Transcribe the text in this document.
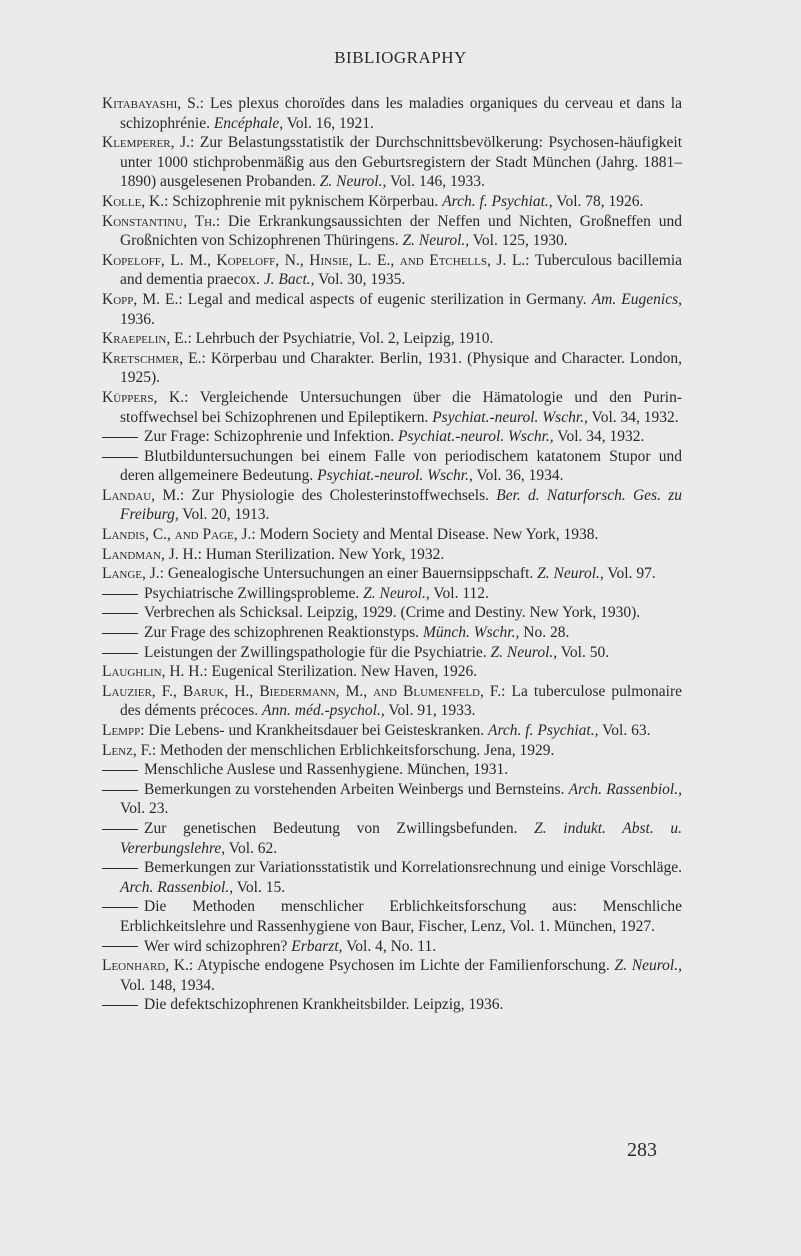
BIBLIOGRAPHY
Kitabayashi, S.: Les plexus choroïdes dans les maladies organiques du cerveau et dans la schizophrénie. Encéphale, Vol. 16, 1921.
Klemperer, J.: Zur Belastungsstatistik der Durchschnittsbevölkerung: Psychosen-häufigkeit unter 1000 stichprobenmäßig aus den Geburtsregistern der Stadt München (Jahrg. 1881–1890) ausgelesenen Probanden. Z. Neurol., Vol. 146, 1933.
Kolle, K.: Schizophrenie mit pyknischem Körperbau. Arch. f. Psychiat., Vol. 78, 1926.
Konstantinu, Th.: Die Erkrankungsaussichten der Neffen und Nichten, Großneffen und Großnichten von Schizophrenen Thüringens. Z. Neurol., Vol. 125, 1930.
Kopeloff, L. M., Kopeloff, N., Hinsie, L. E., and Etchells, J. L.: Tuberculous bacillemia and dementia praecox. J. Bact., Vol. 30, 1935.
Kopp, M. E.: Legal and medical aspects of eugenic sterilization in Germany. Am. Eugenics, 1936.
Kraepelin, E.: Lehrbuch der Psychiatrie, Vol. 2, Leipzig, 1910.
Kretschmer, E.: Körperbau und Charakter. Berlin, 1931. (Physique and Character. London, 1925).
Küppers, K.: Vergleichende Untersuchungen über die Hämatologie und den Purin-stoffwechsel bei Schizophrenen und Epileptikern. Psychiat.-neurol. Wschr., Vol. 34, 1932.
Zur Frage: Schizophrenie und Infektion. Psychiat.-neurol. Wschr., Vol. 34, 1932.
Blutbilduntersuchungen bei einem Falle von periodischem katatonem Stupor und deren allgemeinere Bedeutung. Psychiat.-neurol. Wschr., Vol. 36, 1934.
Landau, M.: Zur Physiologie des Cholesterinstoffwechsels. Ber. d. Naturforsch. Ges. zu Freiburg, Vol. 20, 1913.
Landis, C., and Page, J.: Modern Society and Mental Disease. New York, 1938.
Landman, J. H.: Human Sterilization. New York, 1932.
Lange, J.: Genealogische Untersuchungen an einer Bauernsippschaft. Z. Neurol., Vol. 97.
Psychiatrische Zwillingsprobleme. Z. Neurol., Vol. 112.
Verbrechen als Schicksal. Leipzig, 1929. (Crime and Destiny. New York, 1930).
Zur Frage des schizophrenen Reaktionstyps. Münch. Wschr., No. 28.
Leistungen der Zwillingspathologie für die Psychiatrie. Z. Neurol., Vol. 50.
Laughlin, H. H.: Eugenical Sterilization. New Haven, 1926.
Lauzier, F., Baruk, H., Biedermann, M., and Blumenfeld, F.: La tuberculose pulmonaire des déments précoces. Ann. méd.-psychol., Vol. 91, 1933.
Lempp: Die Lebens- und Krankheitsdauer bei Geisteskranken. Arch. f. Psychiat., Vol. 63.
Lenz, F.: Methoden der menschlichen Erblichkeitsforschung. Jena, 1929.
Menschliche Auslese und Rassenhygiene. München, 1931.
Bemerkungen zu vorstehenden Arbeiten Weinbergs und Bernsteins. Arch. Rassenbiol., Vol. 23.
Zur genetischen Bedeutung von Zwillingsbefunden. Z. indukt. Abst. u. Vererbungslehre, Vol. 62.
Bemerkungen zur Variationsstatistik und Korrelationsrechnung und einige Vorschläge. Arch. Rassenbiol., Vol. 15.
Die Methoden menschlicher Erblichkeitsforschung aus: Menschliche Erblichkeitslehre und Rassenhygiene von Baur, Fischer, Lenz, Vol. 1. München, 1927.
Wer wird schizophren? Erbarzt, Vol. 4, No. 11.
Leonhard, K.: Atypische endogene Psychosen im Lichte der Familienforschung. Z. Neurol., Vol. 148, 1934.
Die defektschizophrenen Krankheitsbilder. Leipzig, 1936.
283
